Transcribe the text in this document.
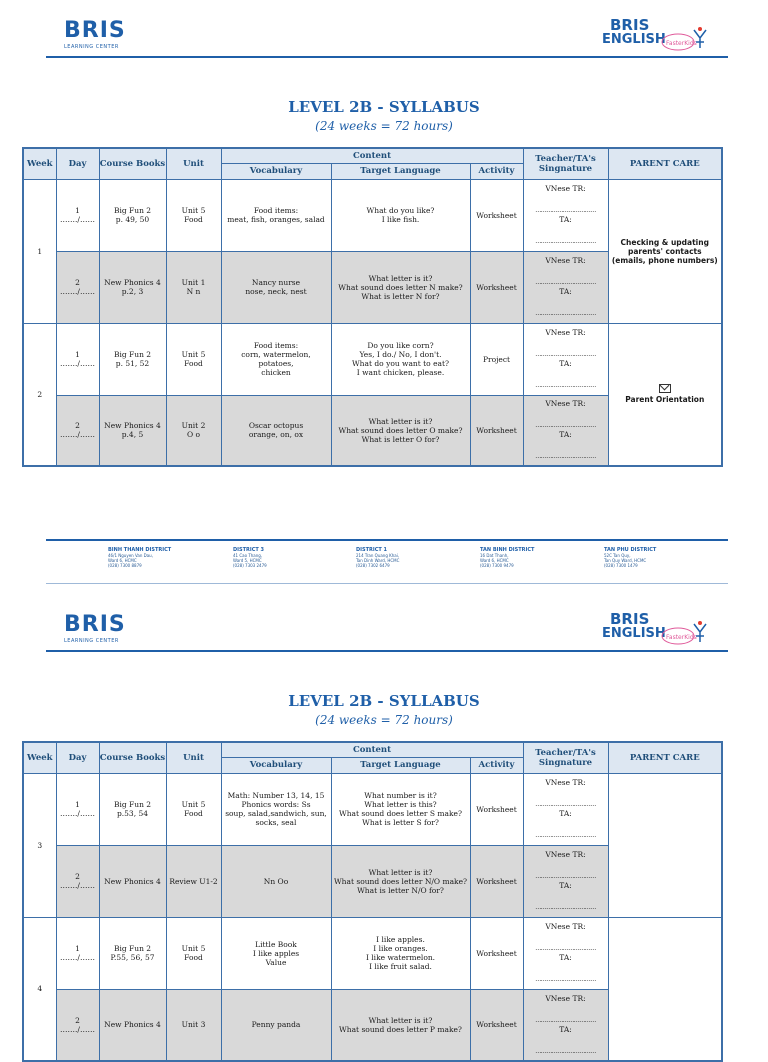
BRIS
LEARNING CENTER
BRIS
ENGLISH FasterKids
LEVEL 2B - SYLLABUS
(24 weeks = 72 hours)
Week	Day	Course Books	Unit	Content			Teacher/TA's Singnature	PARENT CARE
				Vocabulary	Target Language	Activity		
1	1
……./……	Big Fun 2
p. 49, 50	Unit 5
Food	Food items:
meat, fish, oranges, salad	What do you like?
I like fish.	Worksheet	VNese TR:
……………………………
TA:
……………………………	Checking & updating parents' contacts (emails, phone numbers)
	2
……./……	New Phonics 4
p.2, 3	Unit 1
N n	Nancy nurse
nose, neck, nest	What letter is it?
What sound does letter N make?
What is letter N for?	Worksheet	VNese TR:
……………………………
TA:
……………………………	

2	1
……./……	Big Fun 2
p. 51, 52	Unit 5
Food	Food items:
corn, watermelon, potatoes,
chicken	Do you like corn?
Yes, I do./ No, I don't.
What do you want to eat?
I want chicken, please.	Project	VNese TR:
……………………………
TA:
……………………………	Parent Orientation
	2
……./……	New Phonics 4
p.4, 5	Unit 2
O o	Oscar octopus
orange, on, ox	What letter is it?
What sound does letter O make?
What is letter O for?	Worksheet	VNese TR:
……………………………
TA:
……………………………	
BINH THANH DISTRICT
46/1 Nguyen Van Dau,
Ward 6, HCMC
(028) 7300 8879
DISTRICT 3
41 Cao Thang,
Ward 5, HCMC
(028) 7303 2479
DISTRICT 1
214 Tran Quang Khai,
Tan Dinh Ward, HCMC
(028) 7302 6479
TAN BINH DISTRICT
16 Dat Thanh,
Ward 6, HCMC
(028) 7300 9479
TAN PHU DISTRICT
52C Tan Quy,
Tan Quy Ward, HCMC
(028) 7300 1479
BRIS
LEARNING CENTER
BRIS
ENGLISH FasterKids
LEVEL 2B - SYLLABUS
(24 weeks = 72 hours)
Week	Day	Course Books	Unit	Content			Teacher/TA's Singnature	PARENT CARE
				Vocabulary	Target Language	Activity		
3	1
……./……	Big Fun 2
p.53, 54	Unit 5
Food	Math: Number 13, 14, 15
Phonics words: Ss
soup, salad,sandwich, sun,
socks, seal	What number is it?
What letter is this?
What sound does letter S make?
What is letter S for?	Worksheet	VNese TR:
……………………………
TA:
……………………………	

	2
……./……	New Phonics 4	Review U1-2	Nn Oo	What letter is it?
What sound does letter N/O make?
What is letter N/O for?	Worksheet	VNese TR:
……………………………
TA:
……………………………	

4	1
……./……	Big Fun 2
P.55, 56, 57	Unit 5
Food	Little Book
I like apples
Value	I like apples.
I like oranges.
I like watermelon.
I like fruit salad.	Worksheet	VNese TR:
……………………………
TA:
……………………………	

	2
……./……	New Phonics 4	Unit 3	Penny panda	What letter is it?
What sound does letter P make?	Worksheet	VNese TR:
……………………………
TA:
……………………………	
